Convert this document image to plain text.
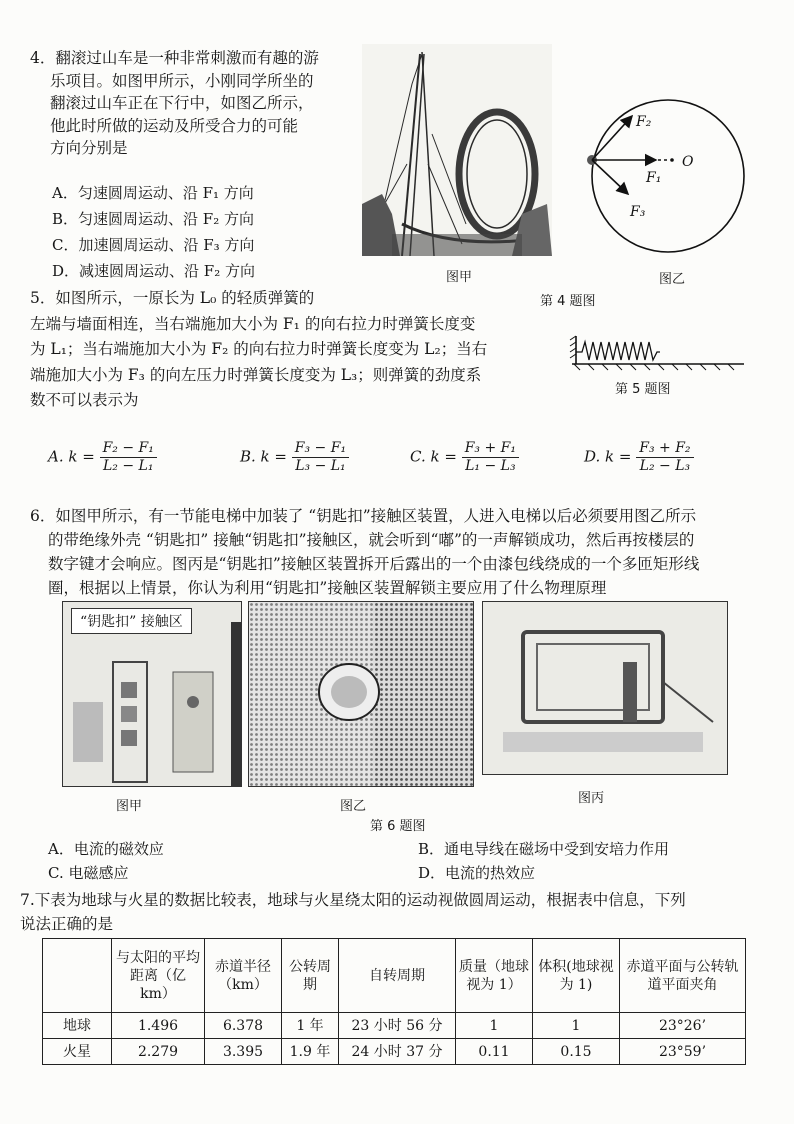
4．翻滚过山车是一种非常刺激而有趣的游
乐项目。如图甲所示，小刚同学所坐的
翻滚过山车正在下行中，如图乙所示，
他此时所做的运动及所受合力的可能
方向分别是
A．匀速圆周运动、沿 F₁ 方向
B．匀速圆周运动、沿 F₂ 方向
C．加速圆周运动、沿 F₃ 方向
D．减速圆周运动、沿 F₂ 方向	图甲
F₂
O
F₁
F₃
图乙
第 4 题图
5．如图所示，一原长为 L₀ 的轻质弹簧的
左端与墙面相连，当右端施加大小为 F₁ 的向右拉力时弹簧长度变
为 L₁；当右端施加大小为 F₂ 的向右拉力时弹簧长度变为 L₂；当右
端施加大小为 F₃ 的向左压力时弹簧长度变为 L₃；则弹簧的劲度系
数不可以表示为
第 5 题图
A. $k = \frac{\text{F₂ − F₁}}{\text{L₂ − L₁}}$	B. $k = \frac{\text{F₃ − F₁}}{\text{L₃ − L₁}}$	C. $k = \frac{\text{F₃ + F₁}}{\text{L₁ − L₃}}$	D. $k = \frac{\text{F₃ + F₂}}{\text{L₂ − L₃}}$
6．如图甲所示，有一节能电梯中加装了 “钥匙扣”接触区装置，人进入电梯以后必须要用图乙所示
的带绝缘外壳 “钥匙扣” 接触“钥匙扣”接触区，就会听到“嘟”的一声解锁成功，然后再按楼层的
数字键才会响应。图丙是“钥匙扣”接触区装置拆开后露出的一个由漆包线绕成的一个多匝矩形线
圈，根据以上情景，你认为利用“钥匙扣”接触区装置解锁主要应用了什么物理原理
“钥匙扣” 接触区
图甲	图乙
图丙
第 6 题图
A．电流的磁效应	B．通电导线在磁场中受到安培力作用
C. 电磁感应	D．电流的热效应
7.下表为地球与火星的数据比较表，地球与火星绕太阳的运动视做圆周运动，根据表中信息，下列
说法正确的是
	与太阳的平均距离（亿 km）	赤道半径（km）	公转周期	自转周期	质量（地球视为 1）	体积(地球视为 1)	赤道平面与公转轨道平面夹角
地球	1.496	6.378	1 年	23 小时 56 分	1	1	23°26’
火星	2.279	3.395	1.9 年	24 小时 37 分	0.11	0.15	23°59’
